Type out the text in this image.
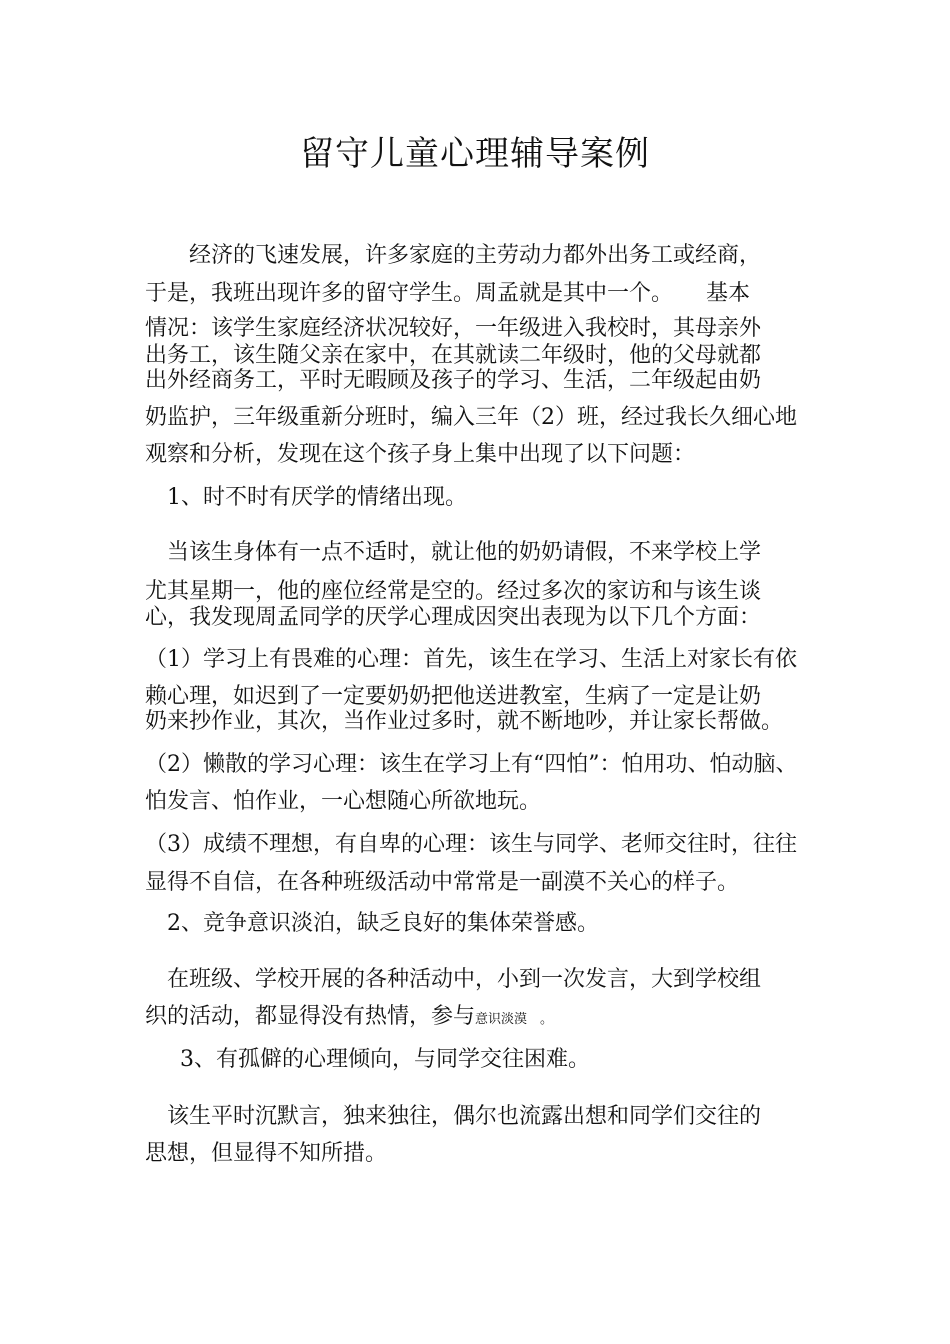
留守儿童心理辅导案例
　　经济的飞速发展，许多家庭的主劳动力都外出务工或经商，
于是，我班出现许多的留守学生。周孟就是其中一个。　　基本
情况：该学生家庭经济状况较好，一年级进入我校时，其母亲外
出务工，该生随父亲在家中，在其就读二年级时，他的父母就都
出外经商务工，平时无暇顾及孩子的学习、生活，二年级起由奶
奶监护，三年级重新分班时，编入三年（2）班，经过我长久细心地
观察和分析，发现在这个孩子身上集中出现了以下问题：
　1、时不时有厌学的情绪出现。
　当该生身体有一点不适时，就让他的奶奶请假，不来学校上学
尤其星期一，他的座位经常是空的。经过多次的家访和与该生谈
心，我发现周孟同学的厌学心理成因突出表现为以下几个方面：
（1）学习上有畏难的心理：首先，该生在学习、生活上对家长有依
赖心理，如迟到了一定要奶奶把他送进教室，生病了一定是让奶
奶来抄作业，其次，当作业过多时，就不断地吵，并让家长帮做。
（2）懒散的学习心理：该生在学习上有“四怕”：怕用功、怕动脑、
怕发言、怕作业，一心想随心所欲地玩。
（3）成绩不理想，有自卑的心理：该生与同学、老师交往时，往往
显得不自信，在各种班级活动中常常是一副漠不关心的样子。
　2、竞争意识淡泊，缺乏良好的集体荣誉感。
　在班级、学校开展的各种活动中，小到一次发言，大到学校组
织的活动，都显得没有热情，参与意识淡漠　。
　3、有孤僻的心理倾向，与同学交往困难。
　该生平时沉默言，独来独往，偶尔也流露出想和同学们交往的
思想，但显得不知所措。
